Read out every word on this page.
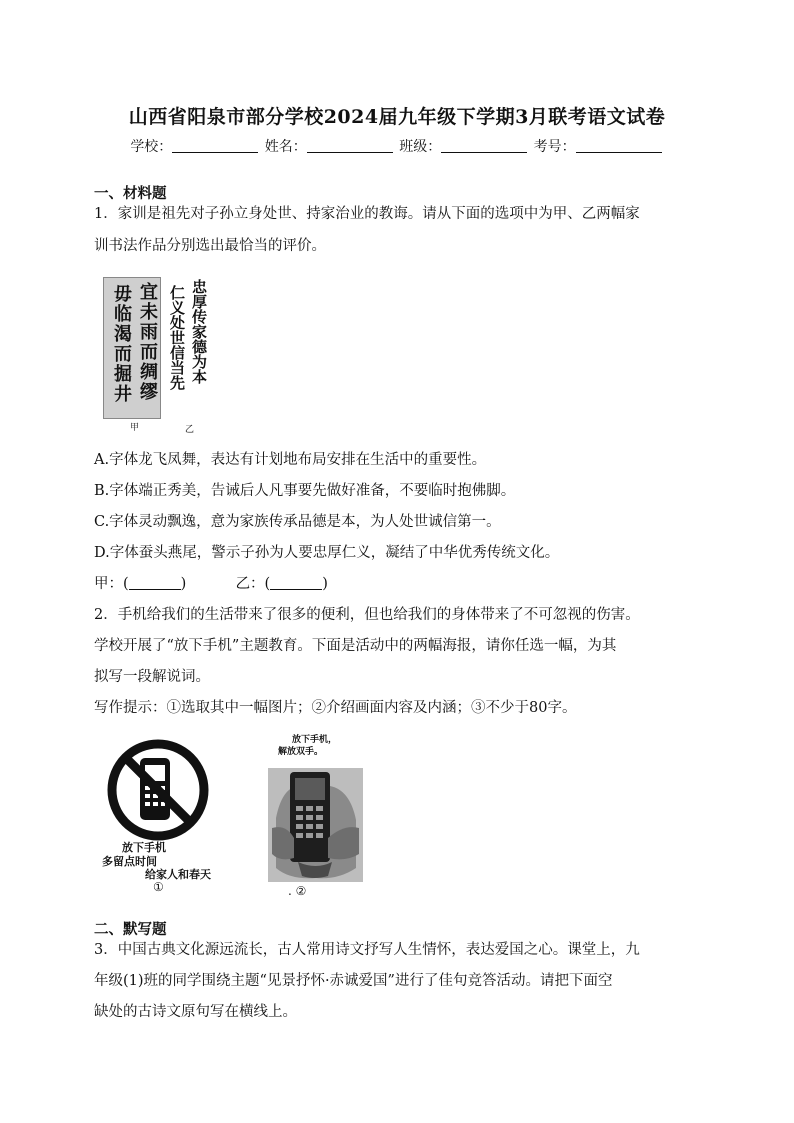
山西省阳泉市部分学校2024届九年级下学期3月联考语文试卷
学校：	姓名：	班级：	考号：
一、材料题
1．家训是祖先对子孙立身处世、持家治业的教诲。请从下面的选项中为甲、乙两幅家
训书法作品分别选出最恰当的评价。
宜未雨而绸缪
毋临渴而掘井	忠厚传家德为本
仁义处世信当先
甲	乙
A.字体龙飞凤舞，表达有计划地布局安排在生活中的重要性。
B.字体端正秀美，告诫后人凡事要先做好准备，不要临时抱佛脚。
C.字体灵动飘逸，意为家族传承品德是本，为人处世诚信第一。
D.字体蚕头燕尾，警示子孙为人要忠厚仁义，凝结了中华优秀传统文化。
甲：(	)	乙：(	)
2．手机给我们的生活带来了很多的便利，但也给我们的身体带来了不可忽视的伤害。
学校开展了“放下手机”主题教育。下面是活动中的两幅海报，请你任选一幅，为其
拟写一段解说词。
写作提示：①选取其中一幅图片；②介绍画面内容及内涵；③不少于80字。
放下手机
多留点时间
给家人和春天
①
放下手机，
解放双手。
. ②
二、默写题
3．中国古典文化源远流长，古人常用诗文抒写人生情怀，表达爱国之心。课堂上，九
年级(1)班的同学围绕主题“见景抒怀·赤诚爱国”进行了佳句竞答活动。请把下面空
缺处的古诗文原句写在横线上。
